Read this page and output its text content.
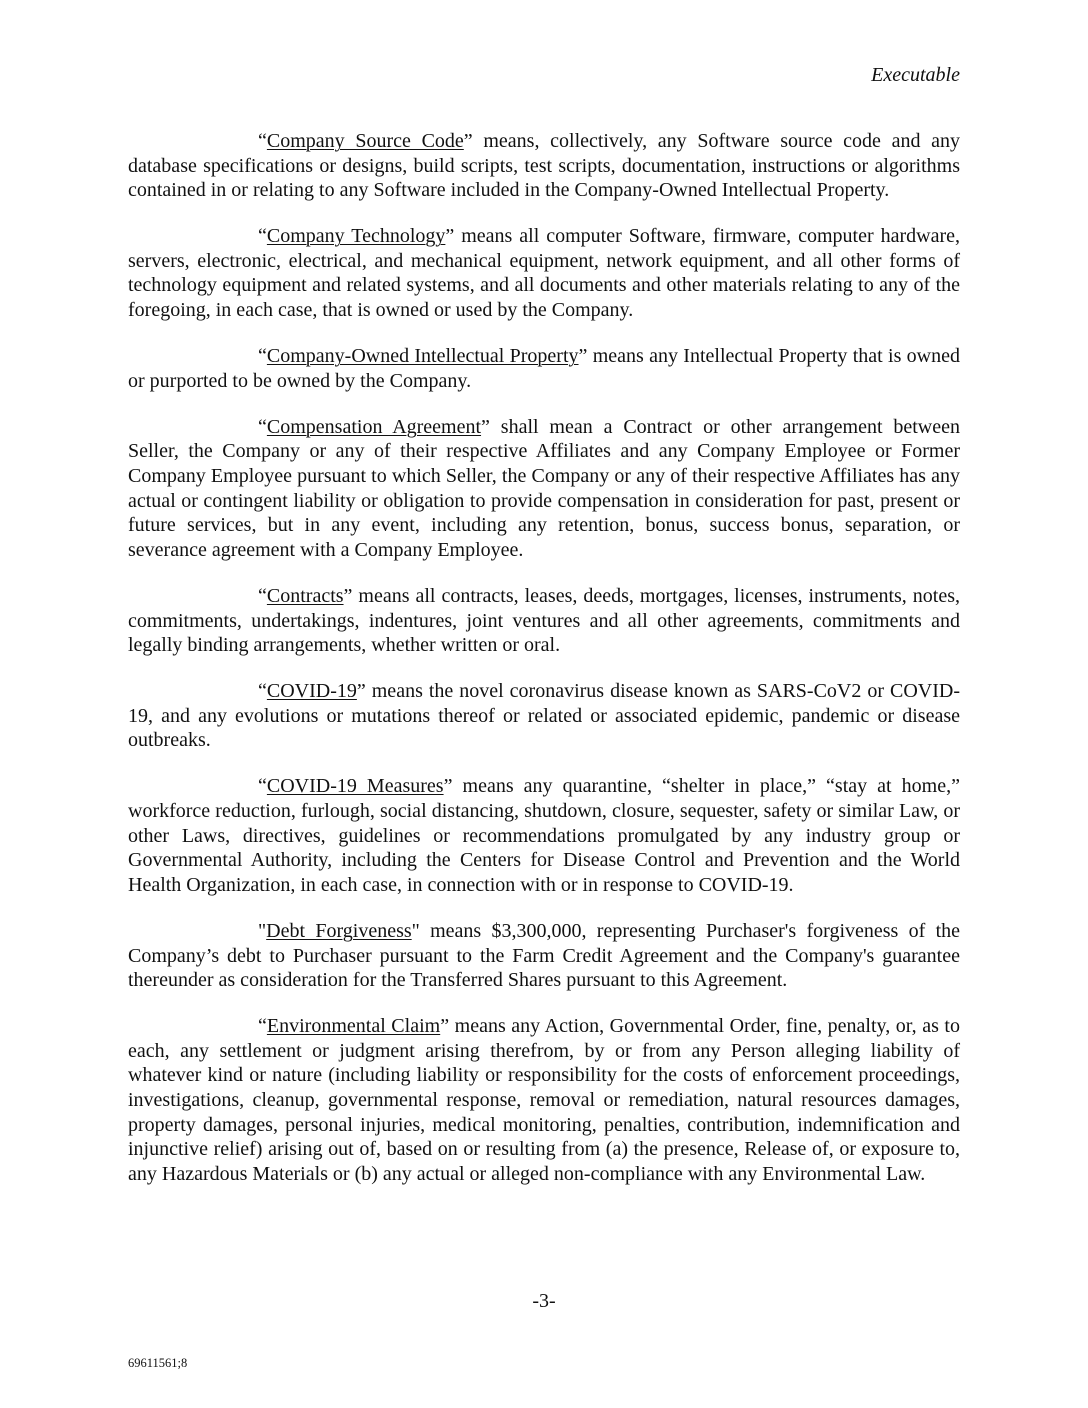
Executable

“Company Source Code” means, collectively, any Software source code and any database specifications or designs, build scripts, test scripts, documentation, instructions or algorithms contained in or relating to any Software included in the Company-Owned Intellectual Property.

“Company Technology” means all computer Software, firmware, computer hardware, servers, electronic, electrical, and mechanical equipment, network equipment, and all other forms of technology equipment and related systems, and all documents and other materials relating to any of the foregoing, in each case, that is owned or used by the Company.

“Company-Owned Intellectual Property” means any Intellectual Property that is owned or purported to be owned by the Company.

“Compensation Agreement” shall mean a Contract or other arrangement between Seller, the Company or any of their respective Affiliates and any Company Employee or Former Company Employee pursuant to which Seller, the Company or any of their respective Affiliates has any actual or contingent liability or obligation to provide compensation in consideration for past, present or future services, but in any event, including any retention, bonus, success bonus, separation, or severance agreement with a Company Employee.

“Contracts” means all contracts, leases, deeds, mortgages, licenses, instruments, notes, commitments, undertakings, indentures, joint ventures and all other agreements, commitments and legally binding arrangements, whether written or oral.

“COVID-19” means the novel coronavirus disease known as SARS-CoV2 or COVID-19, and any evolutions or mutations thereof or related or associated epidemic, pandemic or disease outbreaks.

“COVID-19 Measures” means any quarantine, “shelter in place,” “stay at home,” workforce reduction, furlough, social distancing, shutdown, closure, sequester, safety or similar Law, or other Laws, directives, guidelines or recommendations promulgated by any industry group or Governmental Authority, including the Centers for Disease Control and Prevention and the World Health Organization, in each case, in connection with or in response to COVID-19.

"Debt Forgiveness" means $3,300,000, representing Purchaser's forgiveness of the Company’s debt to Purchaser pursuant to the Farm Credit Agreement and the Company's guarantee thereunder as consideration for the Transferred Shares pursuant to this Agreement.

“Environmental Claim” means any Action, Governmental Order, fine, penalty, or, as to each, any settlement or judgment arising therefrom, by or from any Person alleging liability of whatever kind or nature (including liability or responsibility for the costs of enforcement proceedings, investigations, cleanup, governmental response, removal or remediation, natural resources damages, property damages, personal injuries, medical monitoring, penalties, contribution, indemnification and injunctive relief) arising out of, based on or resulting from (a) the presence, Release of, or exposure to, any Hazardous Materials or (b) any actual or alleged non-compliance with any Environmental Law.

-3-
69611561;8
